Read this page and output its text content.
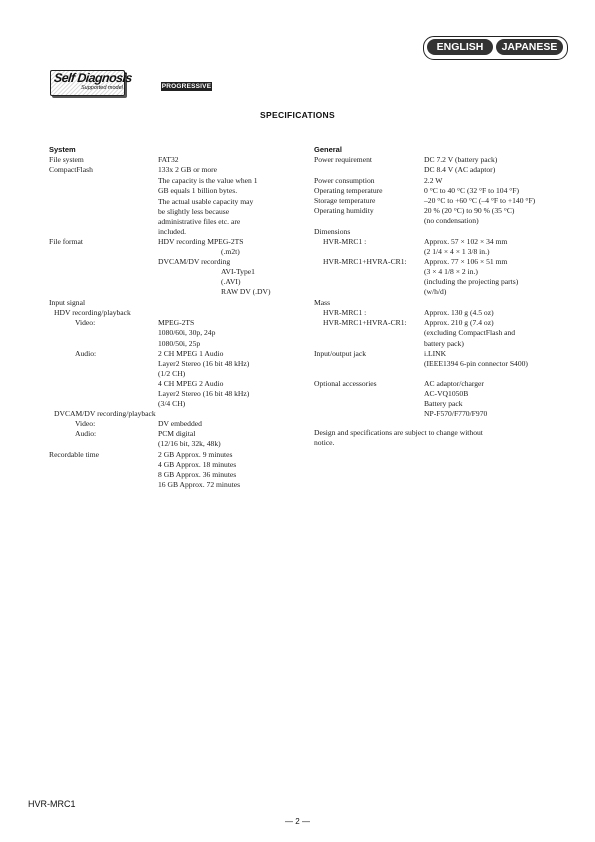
ENGLISH	JAPANESE
Self Diagnosis
Supported model	PROGRESSIVE
SPECIFICATIONS
System
File system	FAT32
CompactFlash	133x 2 GB or more
The capacity is the value when 1
GB equals 1 billion bytes.
The actual usable capacity may
be slightly less because
administrative files etc. are
included.
File format	HDV recording MPEG-2TS
(.m2t)
DVCAM/DV recording
AVI-Type1
(.AVI)
RAW DV (.DV)
Input signal
HDV recording/playback
Video:	MPEG-2TS
1080/60i, 30p, 24p
1080/50i, 25p
Audio:	2 CH MPEG 1 Audio
Layer2 Stereo (16 bit 48 kHz)
(1/2 CH)
4 CH MPEG 2 Audio
Layer2 Stereo (16 bit 48 kHz)
(3/4 CH)
DVCAM/DV recording/playback
Video:	DV embedded
Audio:	PCM digital
(12/16 bit, 32k, 48k)
Recordable time	2 GB Approx. 9 minutes
4 GB Approx. 18 minutes
8 GB Approx. 36 minutes
16 GB Approx. 72 minutes
General
Power requirement	DC 7.2 V (battery pack)
DC 8.4 V (AC adaptor)
Power consumption	2.2 W
Operating temperature	0 °C to 40 °C (32 °F to 104 °F)
Storage temperature	–20 °C to +60 °C (–4 °F to +140 °F)
Operating humidity	20 % (20 °C) to 90 % (35 °C)
(no condensation)
Dimensions
HVR-MRC1 :	Approx. 57 × 102 × 34 mm
(2 1/4 × 4 × 1 3/8 in.)
HVR-MRC1+HVRA-CR1: Approx. 77 × 106 × 51 mm
(3 × 4 1/8 × 2 in.)
(including the projecting parts)
(w/h/d)
Mass
HVR-MRC1 :	Approx. 130 g (4.5 oz)
HVR-MRC1+HVRA-CR1: Approx. 210 g (7.4 oz)
(excluding CompactFlash and
battery pack)
Input/output jack	i.LINK
(IEEE1394 6-pin connector S400)
Optional accessories	AC adaptor/charger
AC-VQ1050B
Battery pack
NP-F570/F770/F970
Design and specifications are subject to change without
notice.
HVR-MRC1
— 2 —
